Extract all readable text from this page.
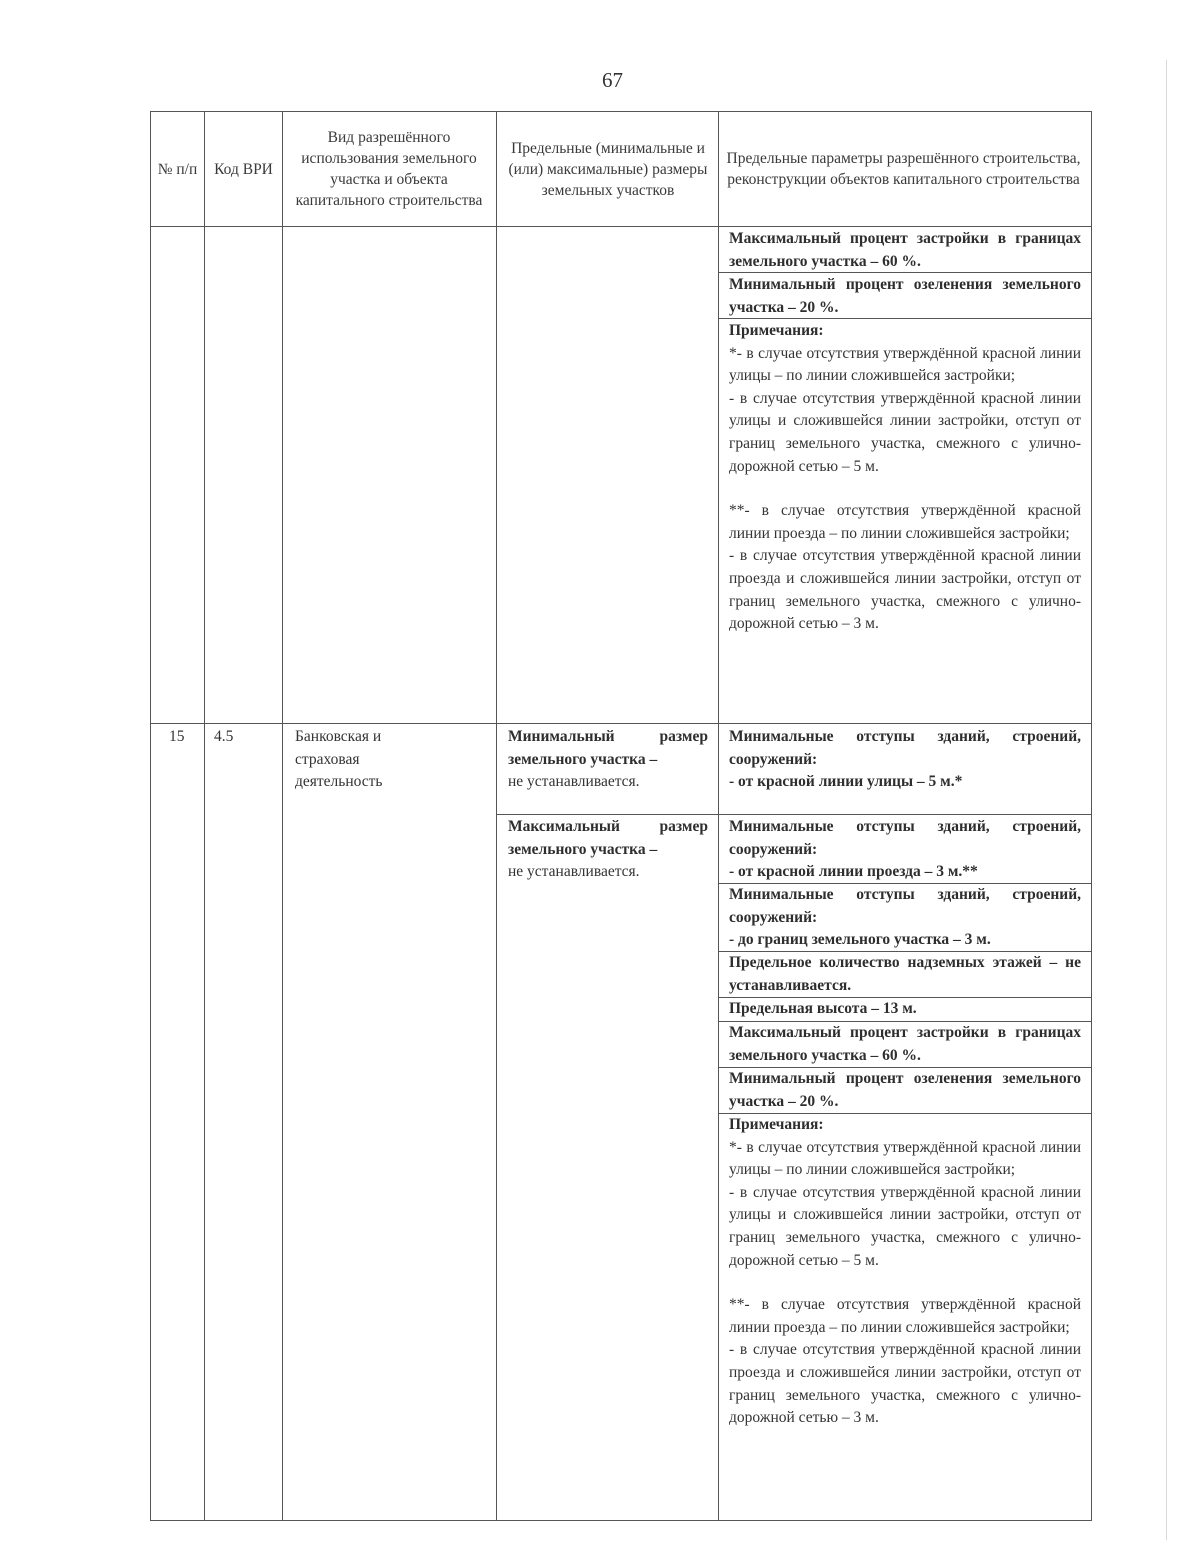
67
№ п/п	Код ВРИ
Вид разрешённого использования земельного участка и объекта капитального строительства
Предельные (минимальные и (или) максимальные) размеры земельных участков
Предельные параметры разрешённого строительства, реконструкции объектов капитального строительства
Максимальный процент застройки в границах земельного участка – 60 %.
Минимальный процент озеленения земельного участка – 20 %.
Примечания:
*- в случае отсутствия утверждённой красной линии улицы – по линии сложившейся застройки;
- в случае отсутствия утверждённой красной линии улицы и сложившейся линии застройки, отступ от границ земельного участка, смежного с улично-дорожной сетью – 5 м.
**- в случае отсутствия утверждённой красной линии проезда – по линии сложившейся застройки;
- в случае отсутствия утверждённой красной линии проезда и сложившейся линии застройки, отступ от границ земельного участка, смежного с улично-дорожной сетью – 3 м.
15 4.5	Банковская и страховая деятельность
Минимальный размер земельного участка –
не устанавливается.
Максимальный размер земельного участка –
не устанавливается.
Минимальные отступы зданий, строений, сооружений:
- от красной линии улицы – 5 м.*
Минимальные отступы зданий, строений, сооружений:
- от красной линии проезда – 3 м.**
Минимальные отступы зданий, строений, сооружений:
- до границ земельного участка – 3 м.
Предельное количество надземных этажей – не устанавливается.
Предельная высота – 13 м.
Максимальный процент застройки в границах земельного участка – 60 %.
Минимальный процент озеленения земельного участка – 20 %.
Примечания:
*- в случае отсутствия утверждённой красной линии улицы – по линии сложившейся застройки;
- в случае отсутствия утверждённой красной линии улицы и сложившейся линии застройки, отступ от границ земельного участка, смежного с улично-дорожной сетью – 5 м.
**- в случае отсутствия утверждённой красной линии проезда – по линии сложившейся застройки;
- в случае отсутствия утверждённой красной линии проезда и сложившейся линии застройки, отступ от границ земельного участка, смежного с улично-дорожной сетью – 3 м.
